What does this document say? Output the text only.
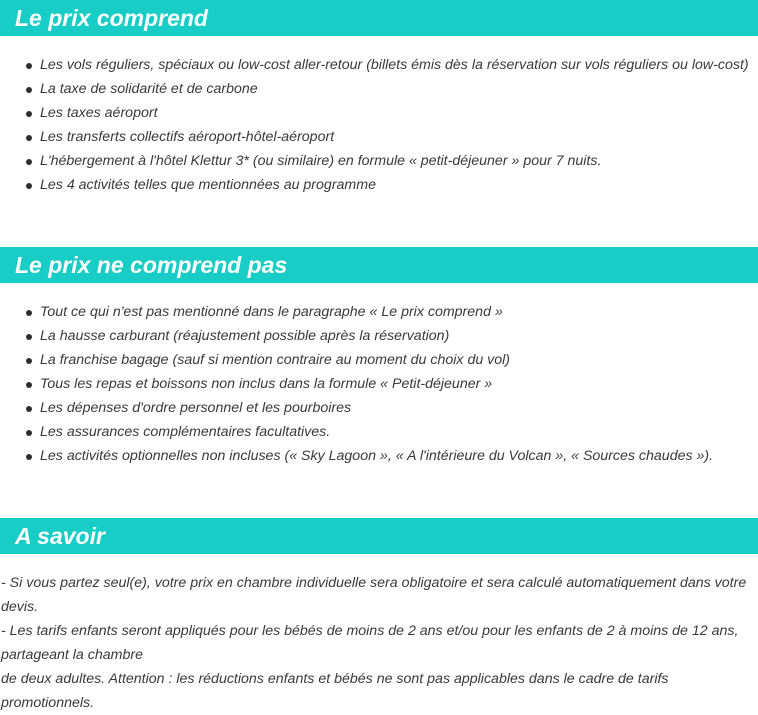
Le prix comprend
Les vols réguliers, spéciaux ou low-cost aller-retour (billets émis dès la réservation sur vols réguliers ou low-cost)
La taxe de solidarité et de carbone
Les taxes aéroport
Les transferts collectifs aéroport-hôtel-aéroport
L'hébergement à l'hôtel Klettur 3* (ou similaire) en formule « petit-déjeuner » pour 7 nuits.
Les 4 activités telles que mentionnées au programme
Le prix ne comprend pas
Tout ce qui n'est pas mentionné dans le paragraphe « Le prix comprend »
La hausse carburant (réajustement possible après la réservation)
La franchise bagage (sauf si mention contraire au moment du choix du vol)
Tous les repas et boissons non inclus dans la formule « Petit-déjeuner »
Les dépenses d'ordre personnel et les pourboires
Les assurances complémentaires facultatives.
Les activités optionnelles non incluses (« Sky Lagoon », « A l'intérieure du Volcan », « Sources chaudes »).
A savoir

- Si vous partez seul(e), votre prix en chambre individuelle sera obligatoire et sera calculé automatiquement dans votre devis.

- Les tarifs enfants seront appliqués pour les bébés de moins de 2 ans et/ou pour les enfants de 2 à moins de 12 ans, partageant la chambre

de deux adultes. Attention : les réductions enfants et bébés ne sont pas applicables dans le cadre de tarifs promotionnels.
